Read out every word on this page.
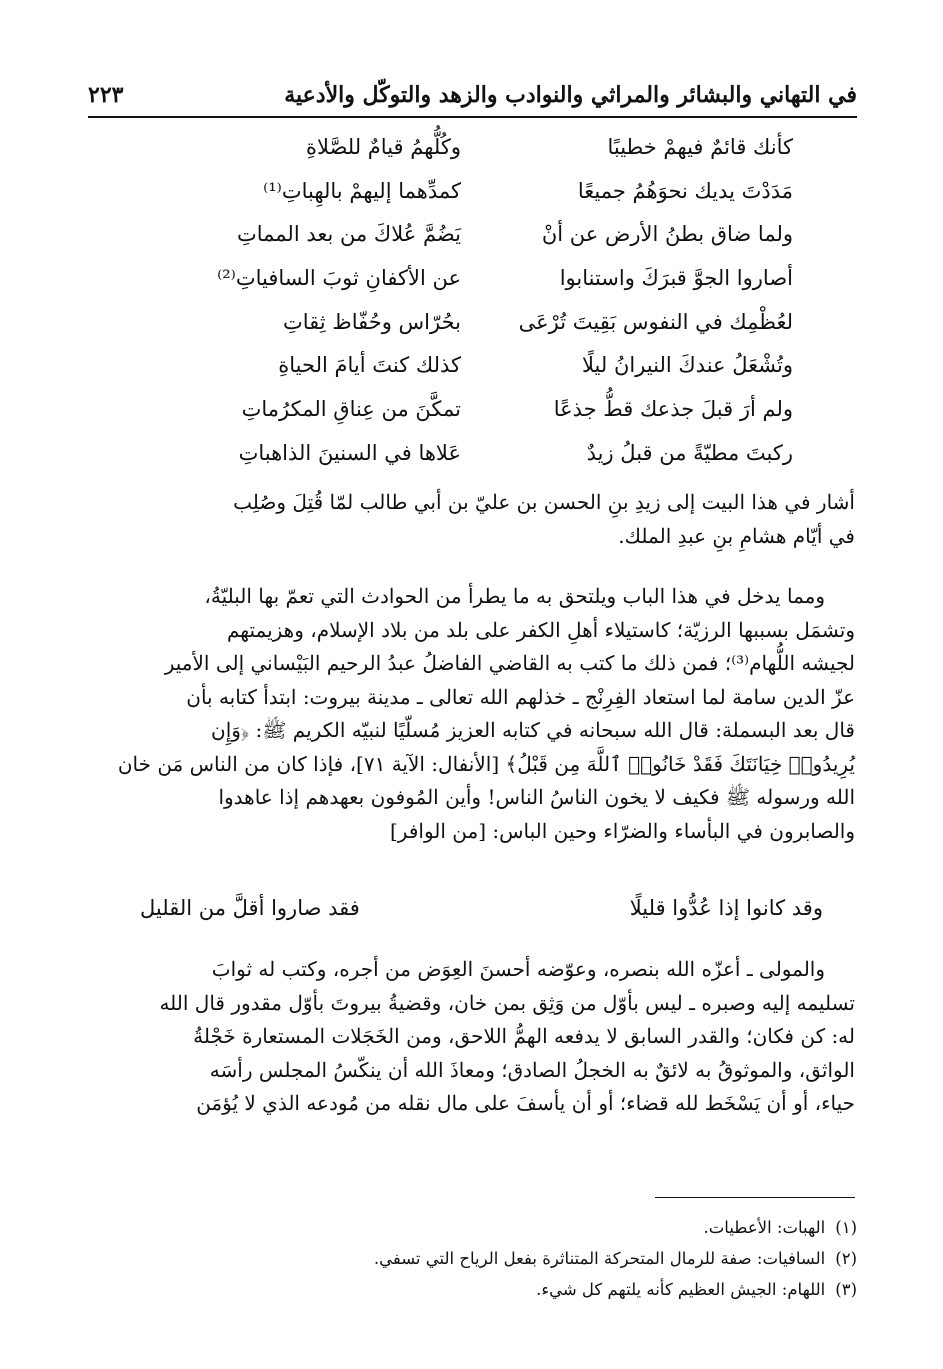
في التهاني والبشائر والمراثي والنوادب والزهد والتوكّل والأدعية
٢٢٣
كأنك قائمٌ فيهمْ خطيبًا
وكُلُّهمُ قيامٌ للصَّلاةِ
مَدَدْتَ يديك نحوَهُمُ جميعًا
كمدِّهما إليهمْ بالهِباتِ⁽¹⁾
ولما ضاق بطنُ الأرض عن أنْ
يَضُمَّ عُلاكَ من بعد المماتِ
أصاروا الجوَّ قبرَكَ واستنابوا
عن الأكفانِ ثوبَ السافياتِ⁽²⁾
لعُظْمِك في النفوس بَقِيتَ تُرْعَى
بحُرّاس وحُفّاظ ثِقاتِ
وتُشْعَلُ عندكَ النيرانُ ليلًا
كذلك كنتَ أيامَ الحياةِ
ولم أرَ قبلَ جذعك قطُّ جذعًا
تمكَّنَ من عِناقِ المكرُماتِ
ركبتَ مطيّةً من قبلُ زيدٌ
عَلاها في السنينَ الذاهباتِ
أشار في هذا البيت إلى زيدِ بنِ الحسن بن عليّ بن أبي طالب لمّا قُتِلَ وصُلِب
في أيّام هشامِ بنِ عبدِ الملك.
ومما يدخل في هذا الباب ويلتحق به ما يطرأ من الحوادث التي تعمّ بها البليّةُ،
وتشمَل بسببها الرزيّة؛ كاستيلاء أهلِ الكفر على بلد من بلاد الإسلام، وهزيمتهم
لجيشه اللُّهام⁽³⁾؛ فمن ذلك ما كتب به القاضي الفاضلُ عبدُ الرحيم البَيْساني إلى الأمير
عزّ الدين سامة لما استعاد الفِرِنْج ـ خذلهم الله تعالى ـ مدينة بيروت: ابتدأ كتابه بأن
قال بعد البسملة: قال الله سبحانه في كتابه العزيز مُسلّيًا لنبيّه الكريم ﷺ: ﴿وَإِن
يُرِيدُوا۟ خِيَانَتَكَ فَقَدْ خَانُوا۟ ٱللَّهَ مِن قَبْلُ﴾ [الأنفال: الآية ٧١]، فإذا كان من الناس مَن خان
الله ورسوله ﷺ فكيف لا يخون الناسُ الناس! وأين المُوفون بعهدهم إذا عاهدوا
والصابرون في البأساء والضرّاء وحين الباس: [من الوافر]
وقد كانوا إذا عُدُّوا قليلًا
فقد صاروا أقلَّ من القليل
والمولى ـ أعزّه الله بنصره، وعوّضه أحسنَ العِوَض من أجره، وكتب له ثوابَ
تسليمه إليه وصبره ـ ليس بأوّل من وَثِق بمن خان، وقضيةُ بيروتَ بأوّل مقدور قال الله
له: كن فكان؛ والقدر السابق لا يدفعه الهمُّ اللاحق، ومن الخَجَلات المستعارة خَجْلةُ
الواثق، والموثوقُ به لائقٌ به الخجلُ الصادق؛ ومعاذَ الله أن ينكّسُ المجلس رأسَه
حياء، أو أن يَسْخَط لله قضاء؛ أو أن يأسفَ على مال نقله من مُودعه الذي لا يُؤمَن
(١)الهبات: الأعطيات.
(٢)السافيات: صفة للرمال المتحركة المتناثرة بفعل الرياح التي تسفي.
(٣)اللهام: الجيش العظيم كأنه يلتهم كل شيء.
